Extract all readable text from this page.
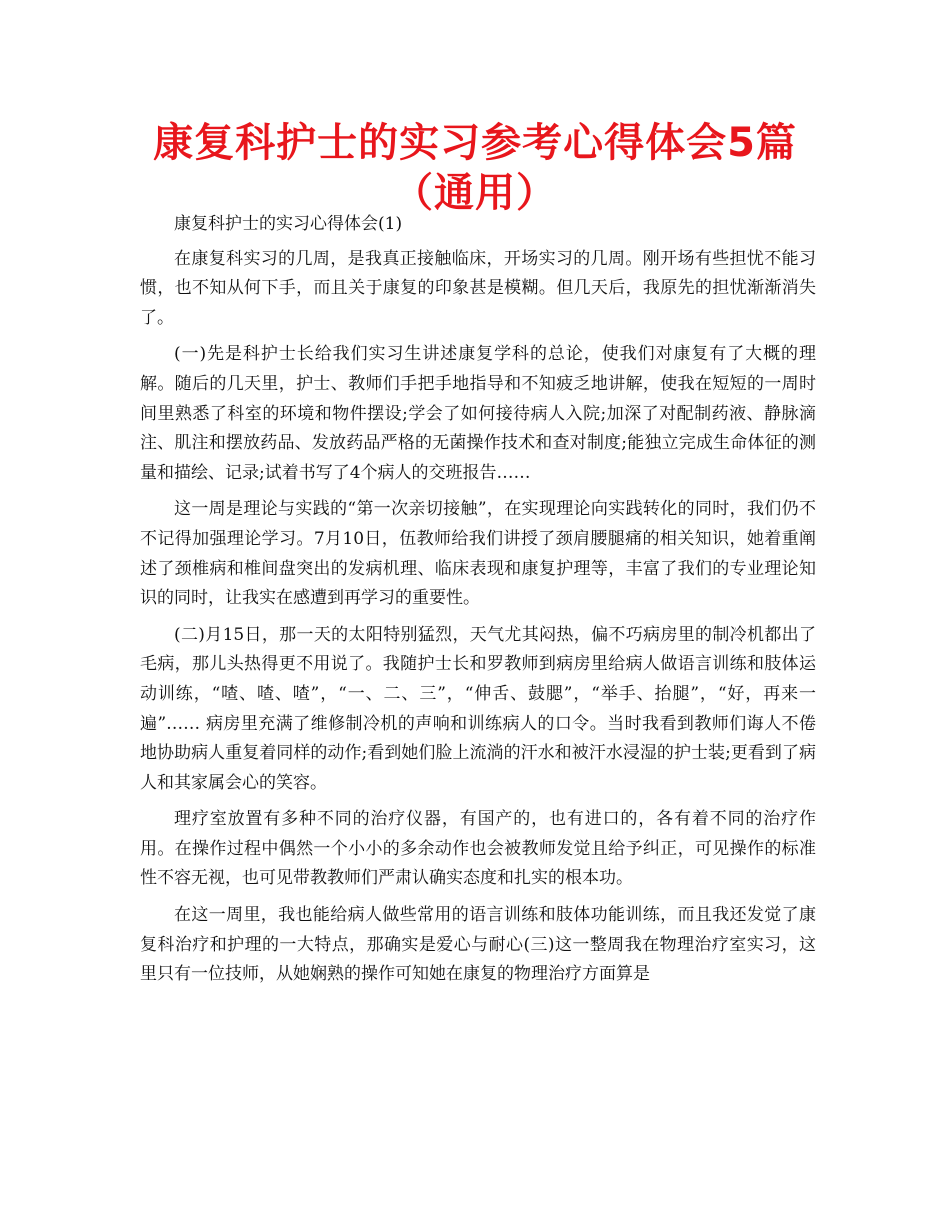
康复科护士的实习参考心得体会5篇（通用）

康复科护士的实习心得体会(1)

在康复科实习的几周，是我真正接触临床，开场实习的几周。刚开场有些担忧不能习惯，也不知从何下手，而且关于康复的印象甚是模糊。但几天后，我原先的担忧渐渐消失了。

(一)先是科护士长给我们实习生讲述康复学科的总论，使我们对康复有了大概的理解。随后的几天里，护士、教师们手把手地指导和不知疲乏地讲解，使我在短短的一周时间里熟悉了科室的环境和物件摆设;学会了如何接待病人入院;加深了对配制药液、静脉滴注、肌注和摆放药品、发放药品严格的无菌操作技术和查对制度;能独立完成生命体征的测量和描绘、记录;试着书写了4个病人的交班报告……

这一周是理论与实践的“第一次亲切接触”，在实现理论向实践转化的同时，我们仍不不记得加强理论学习。7月10日，伍教师给我们讲授了颈肩腰腿痛的相关知识，她着重阐述了颈椎病和椎间盘突出的发病机理、临床表现和康复护理等，丰富了我们的专业理论知识的同时，让我实在感遭到再学习的重要性。

(二)月15日，那一天的太阳特别猛烈，天气尤其闷热，偏不巧病房里的制冷机都出了毛病，那儿头热得更不用说了。我随护士长和罗教师到病房里给病人做语言训练和肢体运动训练，“喳、喳、喳”，“一、二、三”，“伸舌、鼓腮”，“举手、抬腿”，“好，再来一遍”…… 病房里充满了维修制冷机的声响和训练病人的口令。当时我看到教师们诲人不倦地协助病人重复着同样的动作;看到她们脸上流淌的汗水和被汗水浸湿的护士装;更看到了病人和其家属会心的笑容。

理疗室放置有多种不同的治疗仪器，有国产的，也有进口的，各有着不同的治疗作用。在操作过程中偶然一个小小的多余动作也会被教师发觉且给予纠正，可见操作的标准性不容无视，也可见带教教师们严肃认确实态度和扎实的根本功。

在这一周里，我也能给病人做些常用的语言训练和肢体功能训练，而且我还发觉了康复科治疗和护理的一大特点，那确实是爱心与耐心(三)这一整周我在物理治疗室实习，这里只有一位技师，从她娴熟的操作可知她在康复的物理治疗方面算是
